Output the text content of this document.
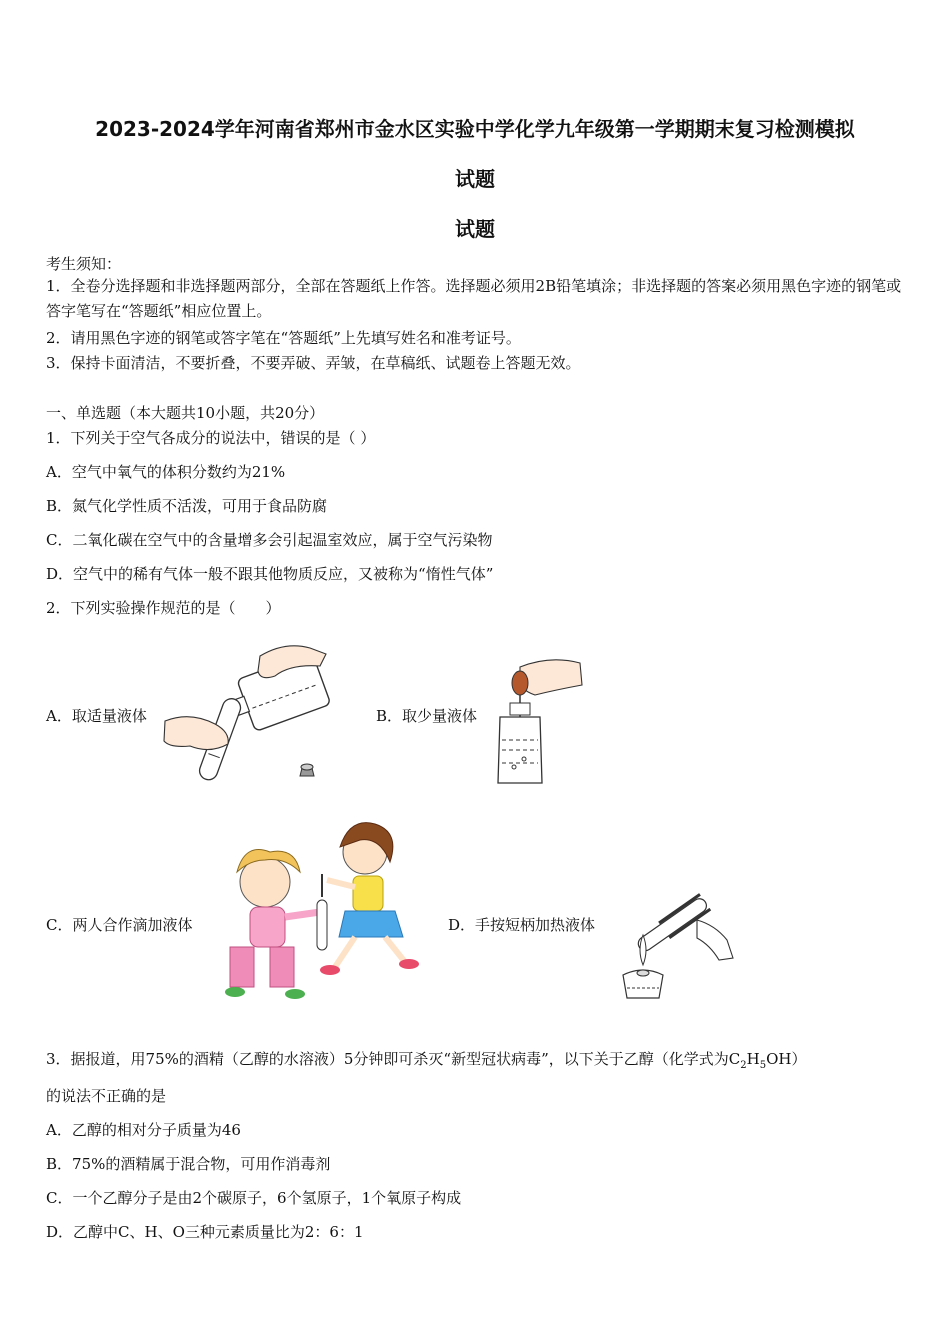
2023-2024学年河南省郑州市金水区实验中学化学九年级第一学期期末复习检测模拟
试题
试题
考生须知：
1．全卷分选择题和非选择题两部分，全部在答题纸上作答。选择题必须用2B铅笔填涂；非选择题的答案必须用黑色字迹的钢笔或答字笔写在“答题纸”相应位置上。
2．请用黑色字迹的钢笔或答字笔在“答题纸”上先填写姓名和准考证号。
3．保持卡面清洁，不要折叠，不要弄破、弄皱，在草稿纸、试题卷上答题无效。
一、单选题（本大题共10小题，共20分）
1．下列关于空气各成分的说法中，错误的是（ ）
A．空气中氧气的体积分数约为21%
B．氮气化学性质不活泼，可用于食品防腐
C．二氧化碳在空气中的含量增多会引起温室效应，属于空气污染物
D．空气中的稀有气体一般不跟其他物质反应，又被称为“惰性气体”
2．下列实验操作规范的是（　　）
A．取适量液体	B．取少量液体
C．两人合作滴加液体	D．手按短柄加热液体
3．据报道，用75%的酒精（乙醇的水溶液）5分钟即可杀灭“新型冠状病毒”，以下关于乙醇（化学式为$C_2H_5OH$）
的说法不正确的是
A．乙醇的相对分子质量为46
B．75%的酒精属于混合物，可用作消毒剂
C．一个乙醇分子是由2个碳原子，6个氢原子，1个氧原子构成
D．乙醇中C、H、O三种元素质量比为2：6：1
